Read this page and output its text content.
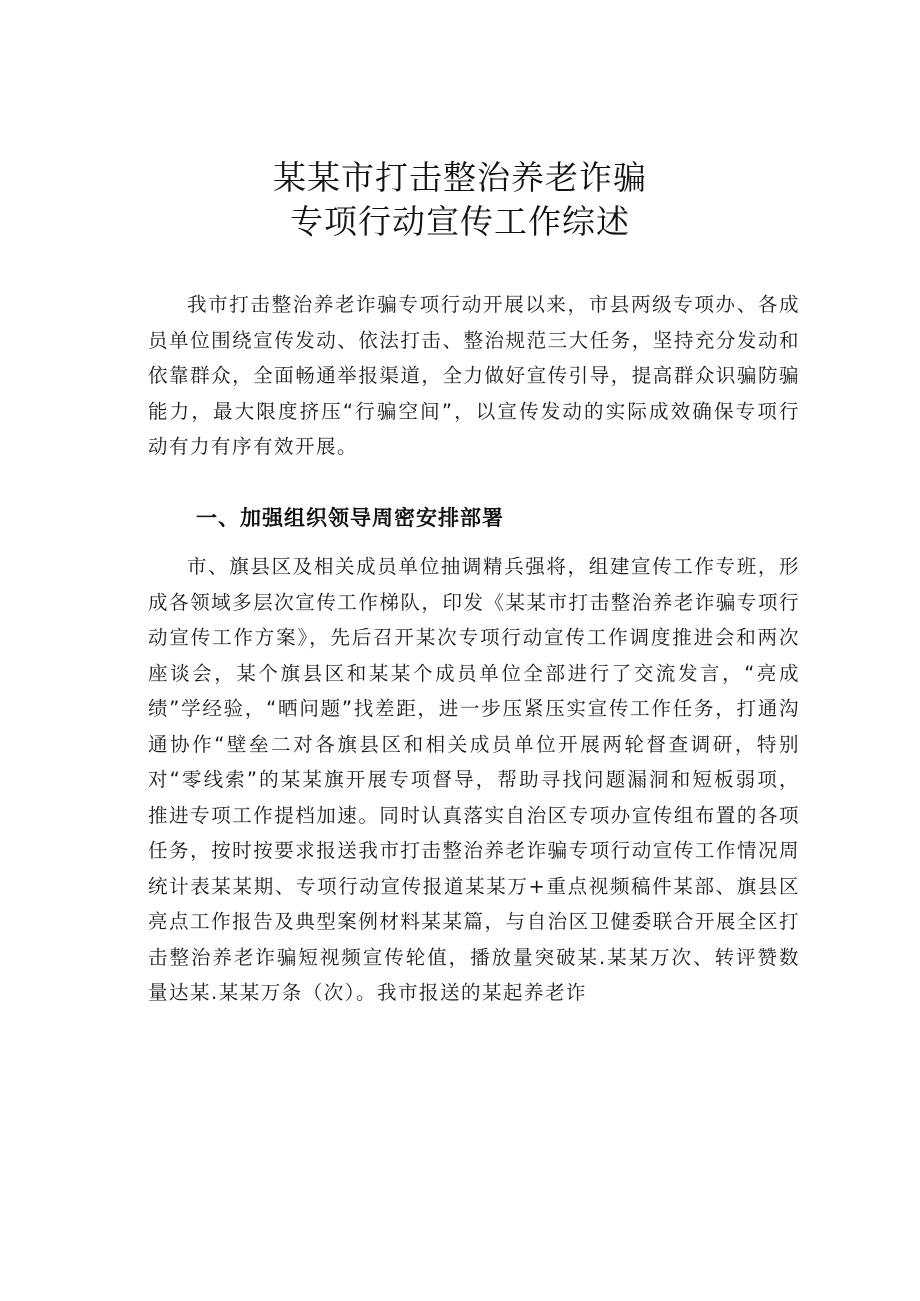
某某市打击整治养老诈骗
专项行动宣传工作综述

我市打击整治养老诈骗专项行动开展以来，市县两级专项办、各成员单位围绕宣传发动、依法打击、整治规范三大任务，坚持充分发动和依靠群众，全面畅通举报渠道，全力做好宣传引导，提高群众识骗防骗能力，最大限度挤压“行骗空间”，以宣传发动的实际成效确保专项行动有力有序有效开展。

一、加强组织领导周密安排部署

市、旗县区及相关成员单位抽调精兵强将，组建宣传工作专班，形成各领域多层次宣传工作梯队，印发《某某市打击整治养老诈骗专项行动宣传工作方案》，先后召开某次专项行动宣传工作调度推进会和两次座谈会，某个旗县区和某某个成员单位全部进行了交流发言，“亮成绩”学经验，“晒问题”找差距，进一步压紧压实宣传工作任务，打通沟通协作“壁垒二对各旗县区和相关成员单位开展两轮督查调研，特别对“零线索”的某某旗开展专项督导，帮助寻找问题漏洞和短板弱项，推进专项工作提档加速。同时认真落实自治区专项办宣传组布置的各项任务，按时按要求报送我市打击整治养老诈骗专项行动宣传工作情况周统计表某某期、专项行动宣传报道某某万+重点视频稿件某部、旗县区亮点工作报告及典型案例材料某某篇，与自治区卫健委联合开展全区打击整治养老诈骗短视频宣传轮值，播放量突破某.某某万次、转评赞数量达某.某某万条（次）。我市报送的某起养老诈
